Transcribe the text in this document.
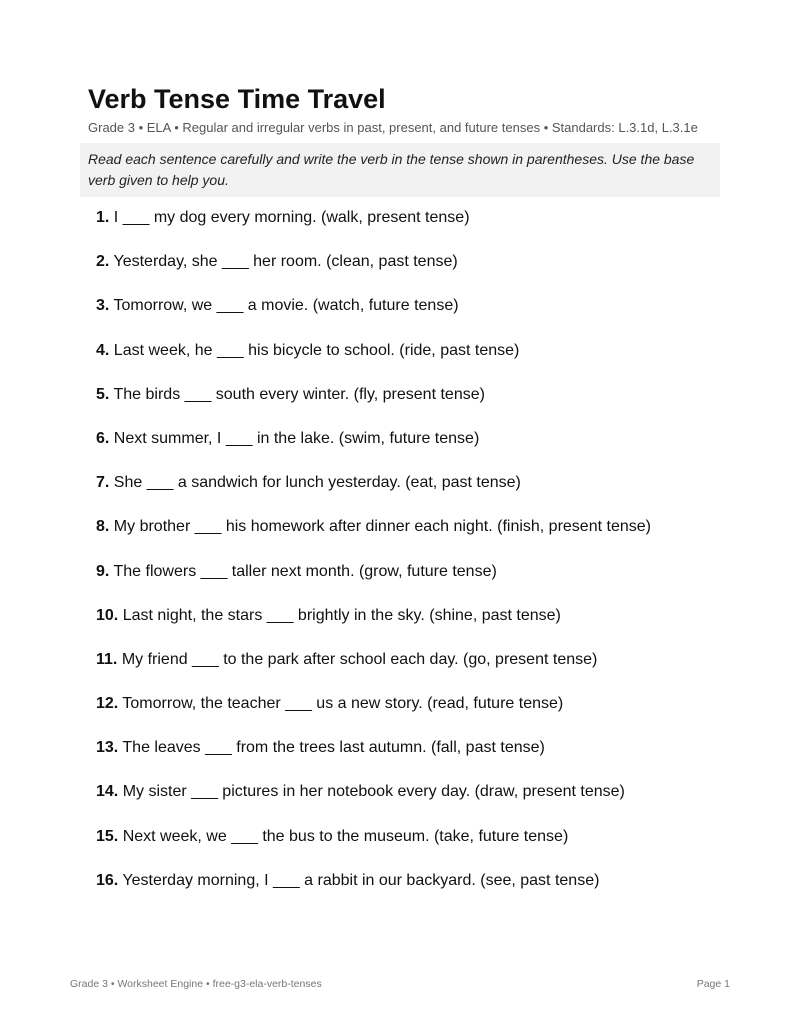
Verb Tense Time Travel
Grade 3 • ELA • Regular and irregular verbs in past, present, and future tenses • Standards: L.3.1d, L.3.1e
Read each sentence carefully and write the verb in the tense shown in parentheses. Use the base verb given to help you.
1. I ___ my dog every morning. (walk, present tense)
2. Yesterday, she ___ her room. (clean, past tense)
3. Tomorrow, we ___ a movie. (watch, future tense)
4. Last week, he ___ his bicycle to school. (ride, past tense)
5. The birds ___ south every winter. (fly, present tense)
6. Next summer, I ___ in the lake. (swim, future tense)
7. She ___ a sandwich for lunch yesterday. (eat, past tense)
8. My brother ___ his homework after dinner each night. (finish, present tense)
9. The flowers ___ taller next month. (grow, future tense)
10. Last night, the stars ___ brightly in the sky. (shine, past tense)
11. My friend ___ to the park after school each day. (go, present tense)
12. Tomorrow, the teacher ___ us a new story. (read, future tense)
13. The leaves ___ from the trees last autumn. (fall, past tense)
14. My sister ___ pictures in her notebook every day. (draw, present tense)
15. Next week, we ___ the bus to the museum. (take, future tense)
16. Yesterday morning, I ___ a rabbit in our backyard. (see, past tense)
Grade 3 • Worksheet Engine • free-g3-ela-verb-tenses	Page 1
